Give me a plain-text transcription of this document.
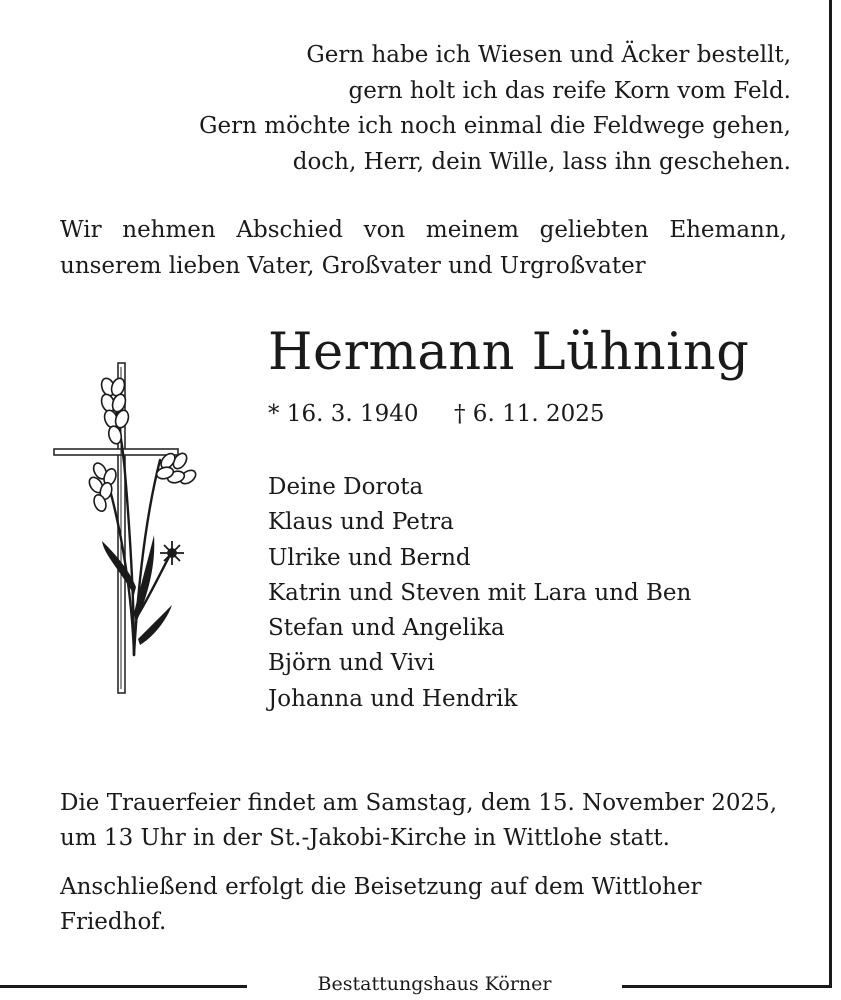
Gern habe ich Wiesen und Äcker bestellt,
gern holt ich das reife Korn vom Feld.
Gern möchte ich noch einmal die Feldwege gehen,
doch, Herr, dein Wille, lass ihn geschehen.
Wir nehmen Abschied von meinem geliebten Ehemann,
unserem lieben Vater, Großvater und Urgroßvater
Hermann Lühning
* 16. 3. 1940 † 6. 11. 2025
Deine Dorota
Klaus und Petra
Ulrike und Bernd
Katrin und Steven mit Lara und Ben
Stefan und Angelika
Björn und Vivi
Johanna und Hendrik
Die Trauerfeier findet am Samstag, dem 15. November 2025,
um 13 Uhr in der St.-Jakobi-Kirche in Wittlohe statt.
Anschließend erfolgt die Beisetzung auf dem Wittloher
Friedhof.
Bestattungshaus Körner
